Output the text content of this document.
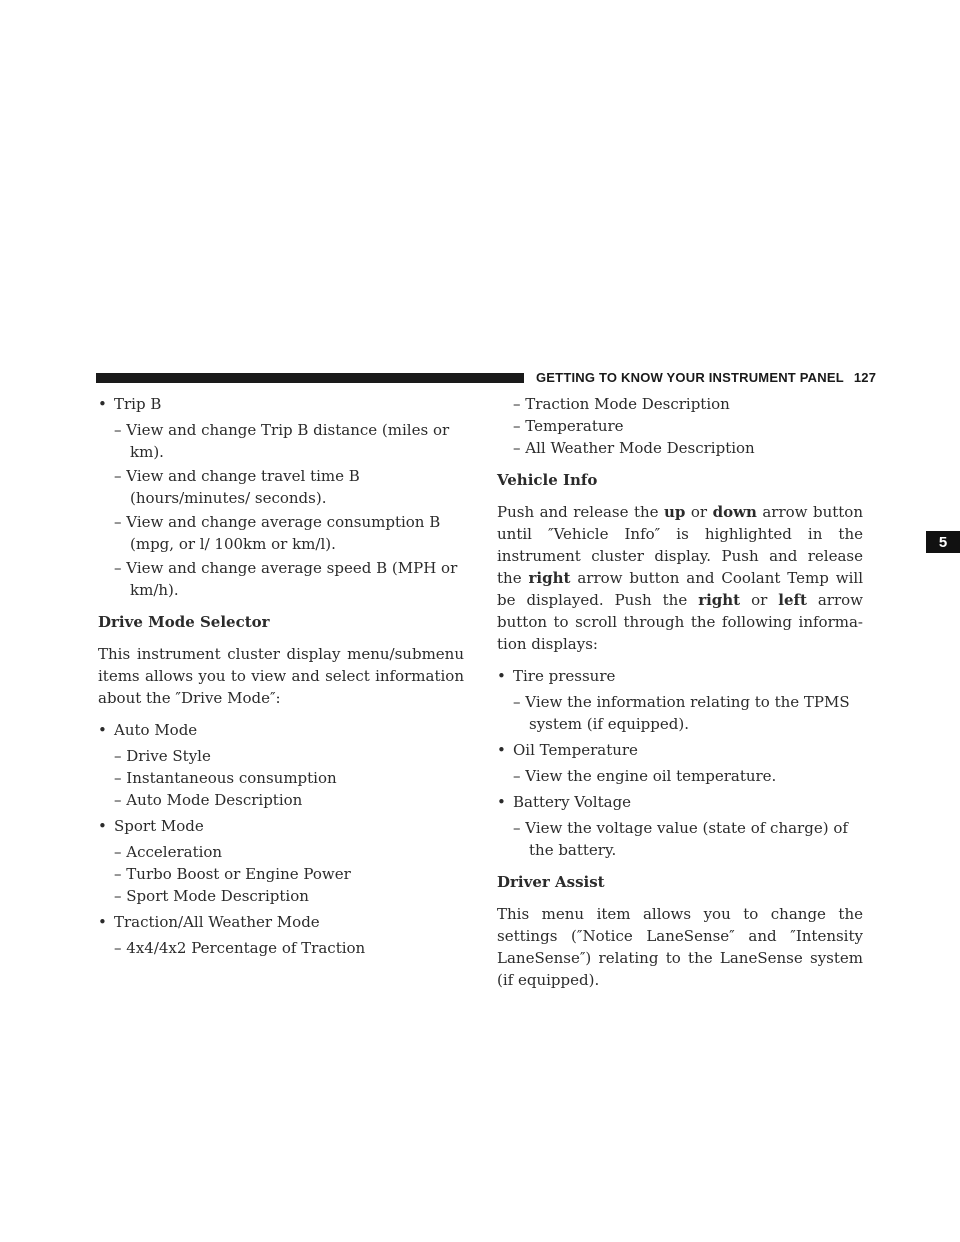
GETTING TO KNOW YOUR INSTRUMENT PANEL 127
5
• Trip B
– View and change Trip B distance (miles or km).
– View and change travel time B (hours/minutes/ seconds).
– View and change average consumption B (mpg, or l/ 100km or km/l).
– View and change average speed B (MPH or km/h).
Drive Mode Selector
This instrument cluster display menu/submenu items allows you to view and select information about the ″Drive Mode″:
• Auto Mode
– Drive Style
– Instantaneous consumption
– Auto Mode Description
• Sport Mode
– Acceleration
– Turbo Boost or Engine Power
– Sport Mode Description
• Traction/All Weather Mode
– 4x4/4x2 Percentage of Traction
– Traction Mode Description
– Temperature
– All Weather Mode Description
Vehicle Info
Push and release the up or down arrow button until ″Vehicle Info″ is highlighted in the instrument cluster display. Push and release the right arrow button and Coolant Temp will be displayed. Push the right or left arrow button to scroll through the following informa- tion displays:
• Tire pressure
– View the information relating to the TPMS system (if equipped).
• Oil Temperature
– View the engine oil temperature.
• Battery Voltage
– View the voltage value (state of charge) of the battery.
Driver Assist
This menu item allows you to change the settings (″Notice LaneSense″ and ″Intensity LaneSense″) relating to the LaneSense system (if equipped).
